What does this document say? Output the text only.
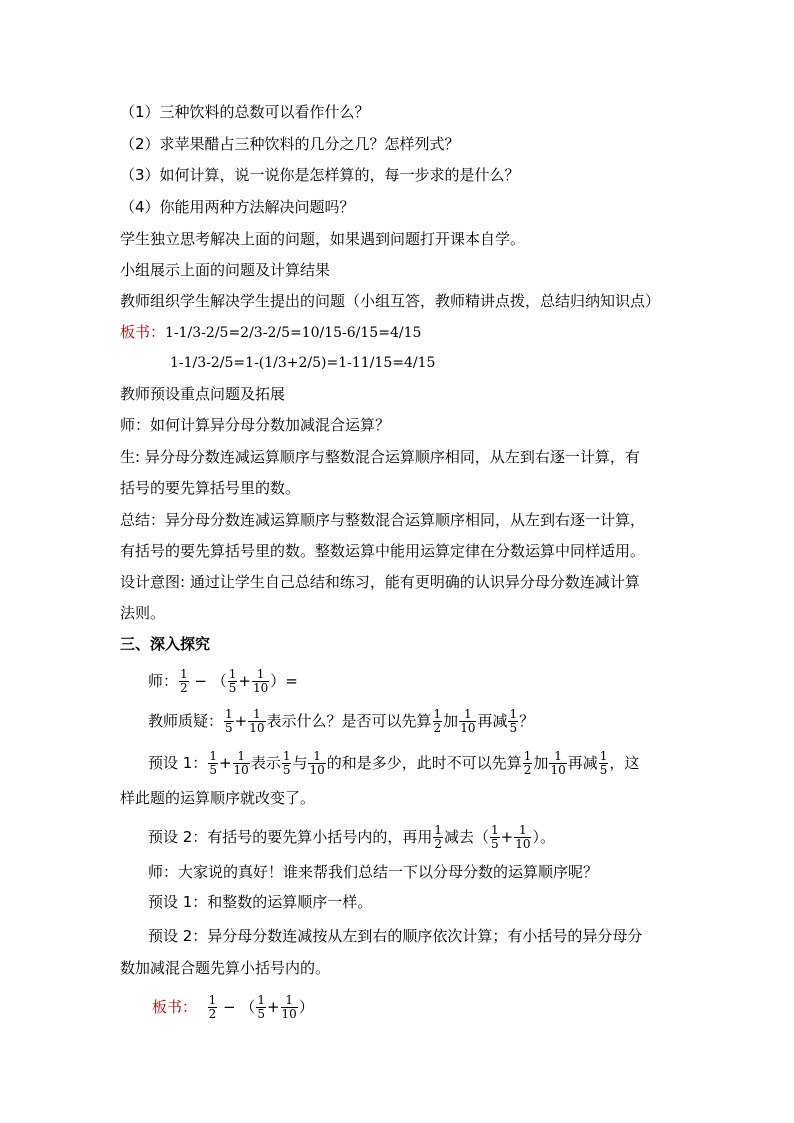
（1）三种饮料的总数可以看作什么？
（2）求苹果醋占三种饮料的几分之几？怎样列式？
（3）如何计算，说一说你是怎样算的，每一步求的是什么？
（4）你能用两种方法解决问题吗？
学生独立思考解决上面的问题，如果遇到问题打开课本自学。
小组展示上面的问题及计算结果
教师组织学生解决学生提出的问题（小组互答，教师精讲点拨，总结归纳知识点）
板书：1-1/3-2/5=2/3-2/5=10/15-6/15=4/15
1-1/3-2/5=1-(1/3+2/5)=1-11/15=4/15
教师预设重点问题及拓展
师：如何计算异分母分数加减混合运算？
生: 异分母分数连减运算顺序与整数混合运算顺序相同，从左到右逐一计算，有
括号的要先算括号里的数。
总结：异分母分数连减运算顺序与整数混合运算顺序相同，从左到右逐一计算，
有括号的要先算括号里的数。整数运算中能用运算定律在分数运算中同样适用。
设计意图: 通过让学生自己总结和练习，能有更明确的认识异分母分数连减计算
法则。
三、深入探究
师： $\frac{1}{2}$ − （ $\frac{1}{5} + \frac{1}{10}$ ）=
教师质疑： $\frac{1}{5} + \frac{1}{10}$ 表示什么？是否可以先算 $\frac{1}{2}$ 加 $\frac{1}{10}$ 再减 $\frac{1}{5}$ ？
预设 1： $\frac{1}{5} + \frac{1}{10}$ 表示 $\frac{1}{5}$ 与 $\frac{1}{10}$ 的和是多少，此时不可以先算 $\frac{1}{2}$ 加 $\frac{1}{10}$ 再减 $\frac{1}{5}$ ，这
样此题的运算顺序就改变了。
预设 2：有括号的要先算小括号内的，再用 $\frac{1}{2}$ 减去（ $\frac{1}{5} + \frac{1}{10}$ ）。
师：大家说的真好！谁来帮我们总结一下以分母分数的运算顺序呢？
预设 1：和整数的运算顺序一样。
预设 2：异分母分数连减按从左到右的顺序依次计算；有小括号的异分母分
数加减混合题先算小括号内的。
板书： $\frac{1}{2}$ − （ $\frac{1}{5} + \frac{1}{10}$ ）
